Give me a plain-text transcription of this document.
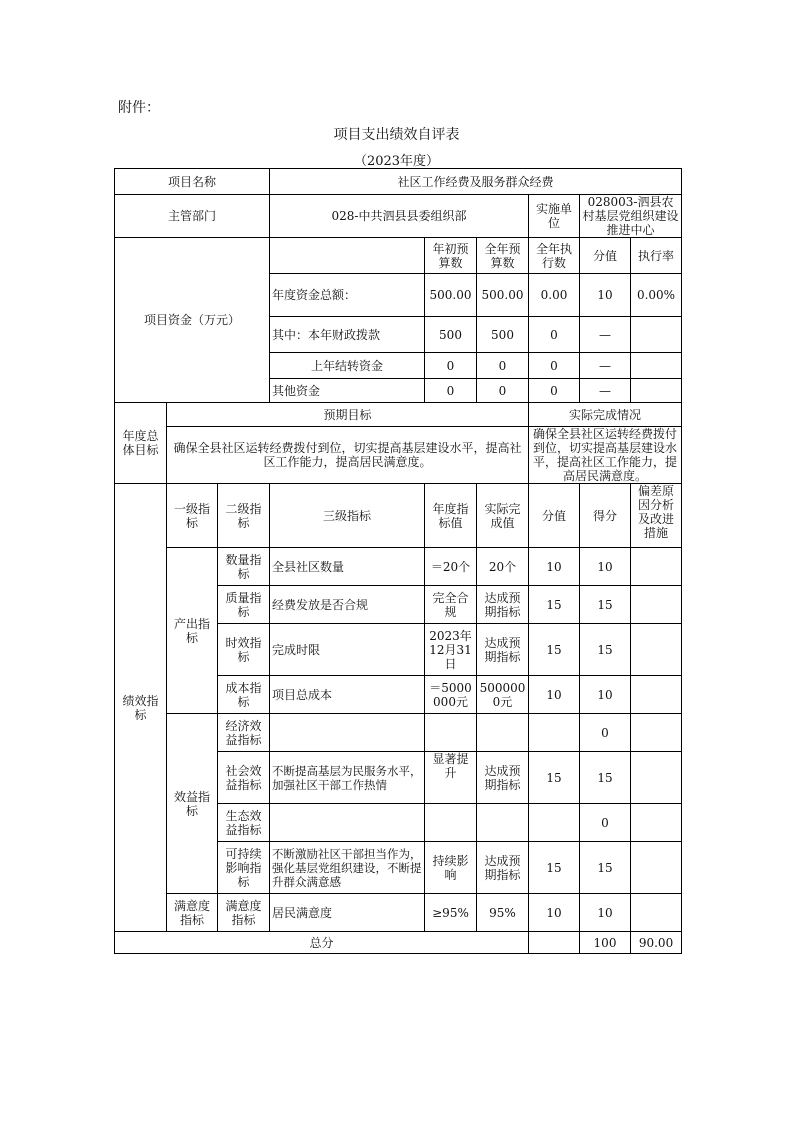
附件：
项目支出绩效自评表
（2023年度）
项目名称			社区工作经费及服务群众经费						
主管部门			028-中共泗县县委组织部			实施单位	028003-泗县农村基层党组织建设推进中心		
项目资金（万元）				年初预算数	全年预算数	全年执行数	分值	执行率	
			年度资金总额：	500.00	500.00	0.00	10	0.00%	
			其中：本年财政拨款	500	500	0	—		
			上年结转资金	0	0	0	—		
			其他资金	0	0	0	—		
年度总体目标	预期目标					实际完成情况			
	确保全县社区运转经费拨付到位，切实提高基层建设水平，提高社区工作能力，提高居民满意度。					确保全县社区运转经费拨付到位，切实提高基层建设水平，提高社区工作能力，提高居民满意度。			
绩效指标	一级指标	二级指标	三级指标	年度指标值	实际完成值	分值	得分	偏差原因分析及改进措施	
	产出指标	数量指标	全县社区数量	＝20个	20个	10	10		
		质量指标	经费发放是否合规	完全合规	达成预期指标	15	15		
		时效指标	完成时限	2023年12月31日	达成预期指标	15	15		
		成本指标	项目总成本	＝5000000元	5000000元	10	10		
	效益指标	经济效益指标					0		
		社会效益指标	不断提高基层为民服务水平，加强社区干部工作热情	显著提升	达成预期指标	15	15		
		生态效益指标					0		
		可持续影响指标	不断激励社区干部担当作为，强化基层党组织建设，不断提升群众满意感	持续影响	达成预期指标	15	15		
	满意度指标	满意度指标	居民满意度	≥95%	95%	10	10		
总分							100	90.00	
